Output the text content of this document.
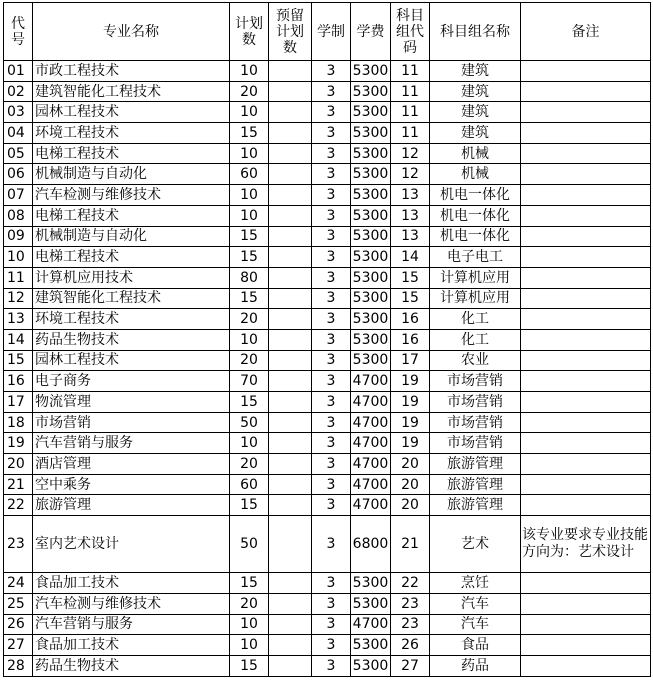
代号	专业名称	计划数	预留计划数	学制	学费	科目组代码	科目组名称	备注
01	市政工程技术	10		3	5300	11	建筑	
02	建筑智能化工程技术	20		3	5300	11	建筑	
03	园林工程技术	10		3	5300	11	建筑	
04	环境工程技术	15		3	5300	11	建筑	
05	电梯工程技术	10		3	5300	12	机械	
06	机械制造与自动化	60		3	5300	12	机械	
07	汽车检测与维修技术	10		3	5300	13	机电一体化	
08	电梯工程技术	10		3	5300	13	机电一体化	
09	机械制造与自动化	15		3	5300	13	机电一体化	
10	电梯工程技术	15		3	5300	14	电子电工	
11	计算机应用技术	80		3	5300	15	计算机应用	
12	建筑智能化工程技术	15		3	5300	15	计算机应用	
13	环境工程技术	20		3	5300	16	化工	
14	药品生物技术	10		3	5300	16	化工	
15	园林工程技术	20		3	5300	17	农业	
16	电子商务	70		3	4700	19	市场营销	
17	物流管理	15		3	4700	19	市场营销	
18	市场营销	50		3	4700	19	市场营销	
19	汽车营销与服务	10		3	4700	19	市场营销	
20	酒店管理	20		3	4700	20	旅游管理	
21	空中乘务	60		3	4700	20	旅游管理	
22	旅游管理	15		3	4700	20	旅游管理	
23	室内艺术设计	50		3	6800	21	艺术	该专业要求专业技能方向为：艺术设计
24	食品加工技术	15		3	5300	22	烹饪	
25	汽车检测与维修技术	20		3	5300	23	汽车	
26	汽车营销与服务	10		3	4700	23	汽车	
27	食品加工技术	10		3	5300	26	食品	
28	药品生物技术	15		3	5300	27	药品	
